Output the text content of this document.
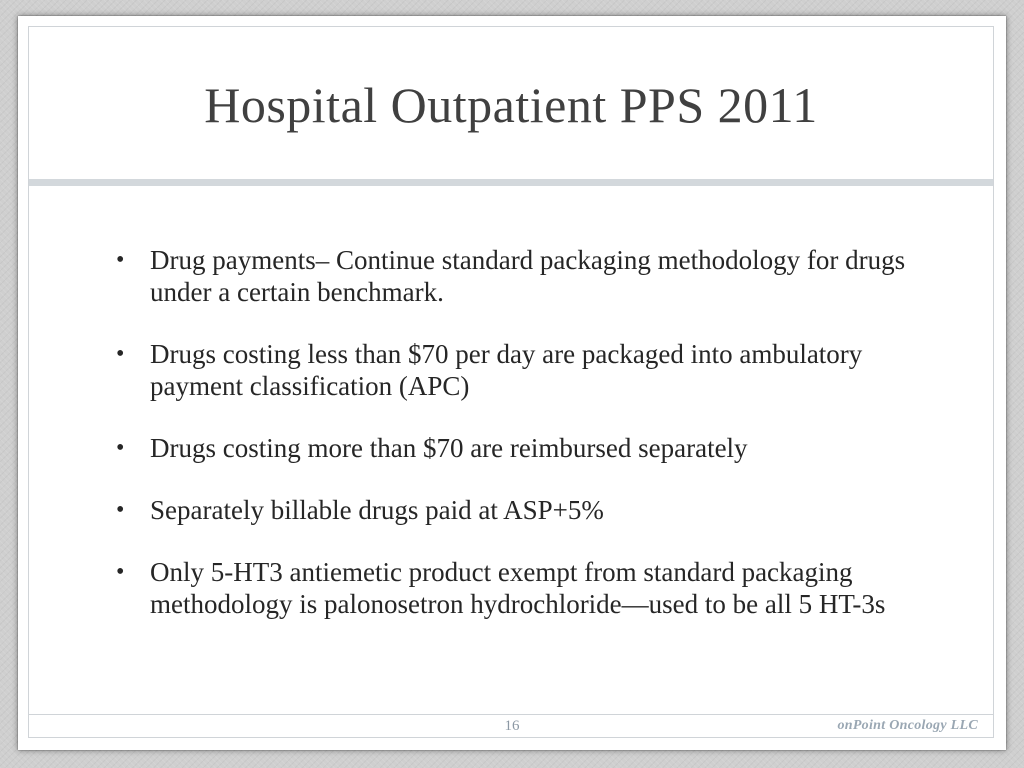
Hospital Outpatient PPS 2011
• Drug payments– Continue standard packaging methodology for drugs under a certain benchmark.
• Drugs costing less than $70 per day are packaged into ambulatory payment classification (APC)
• Drugs costing more than $70 are reimbursed separately
• Separately billable drugs paid at ASP+5%
• Only 5-HT3 antiemetic product exempt from standard packaging methodology is palonosetron hydrochloride—used to be all 5 HT-3s
16	onPoint Oncology LLC
